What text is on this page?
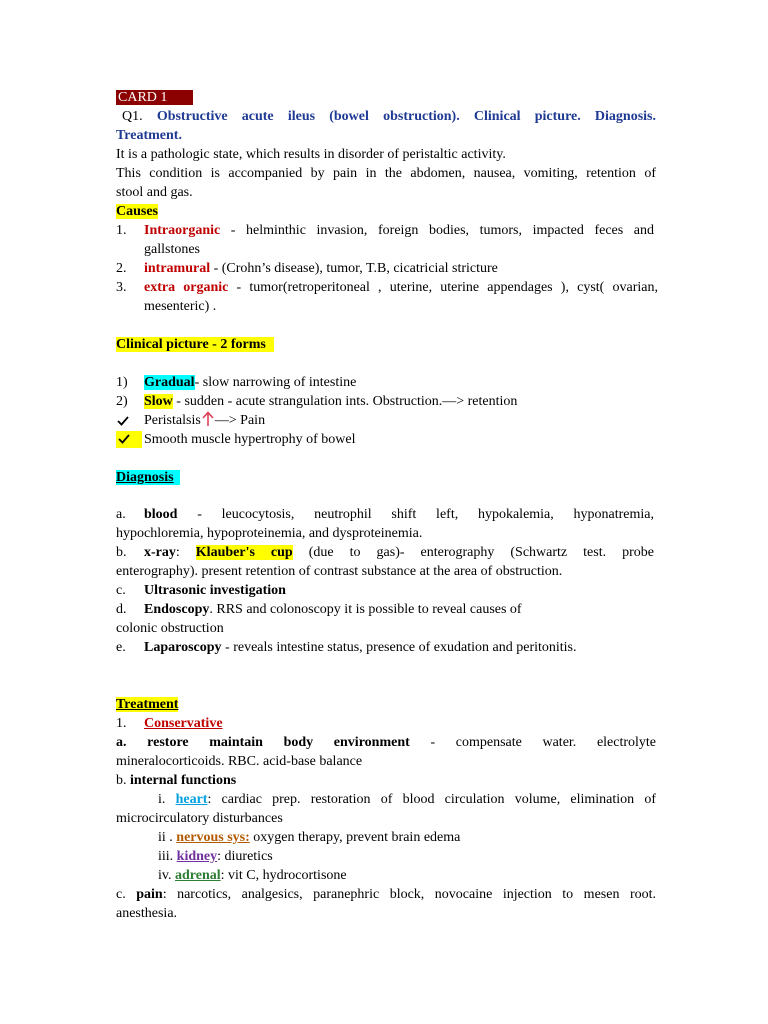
CARD 1
Q1. Obstructive acute ileus (bowel obstruction). Clinical picture. Diagnosis.
Treatment.
It is a pathologic state, which results in disorder of peristaltic activity.
This condition is accompanied by pain in the abdomen, nausea, vomiting, retention of
stool and gas.
Causes
1.	Intraorganic - helminthic invasion, foreign bodies, tumors, impacted feces and
gallstones
2.	intramural - (Crohn’s disease), tumor, T.B, cicatricial stricture
3.	extra organic - tumor(retroperitoneal , uterine, uterine appendages ), cyst( ovarian,
mesenteric) .
Clinical picture - 2 forms
1)	Gradual- slow narrowing of intestine
2)	Slow - sudden - acute strangulation ints. Obstruction.—> retention
Peristalsis —> Pain
Smooth muscle hypertrophy of bowel
Diagnosis
a. blood - leucocytosis, neutrophil shift left, hypokalemia, hyponatremia,
hypochloremia, hypoproteinemia, and dysproteinemia.
b. x-ray: Klauber's cup (due to gas)- enterography (Schwartz test. probe
enterography). present retention of contrast substance at the area of obstruction.
c. Ultrasonic investigation
d. Endoscopy. RRS and colonoscopy it is possible to reveal causes of
colonic obstruction
e. Laparoscopy - reveals intestine status, presence of exudation and peritonitis.
Treatment
1. Conservative
a. restore maintain body environment - compensate water. electrolyte
mineralocorticoids. RBC. acid-base balance
b. internal functions
i. heart: cardiac prep. restoration of blood circulation volume, elimination of
microcirculatory disturbances
ii . nervous sys: oxygen therapy, prevent brain edema
iii. kidney: diuretics
iv. adrenal: vit C, hydrocortisone
c. pain: narcotics, analgesics, paranephric block, novocaine injection to mesen root.
anesthesia.
